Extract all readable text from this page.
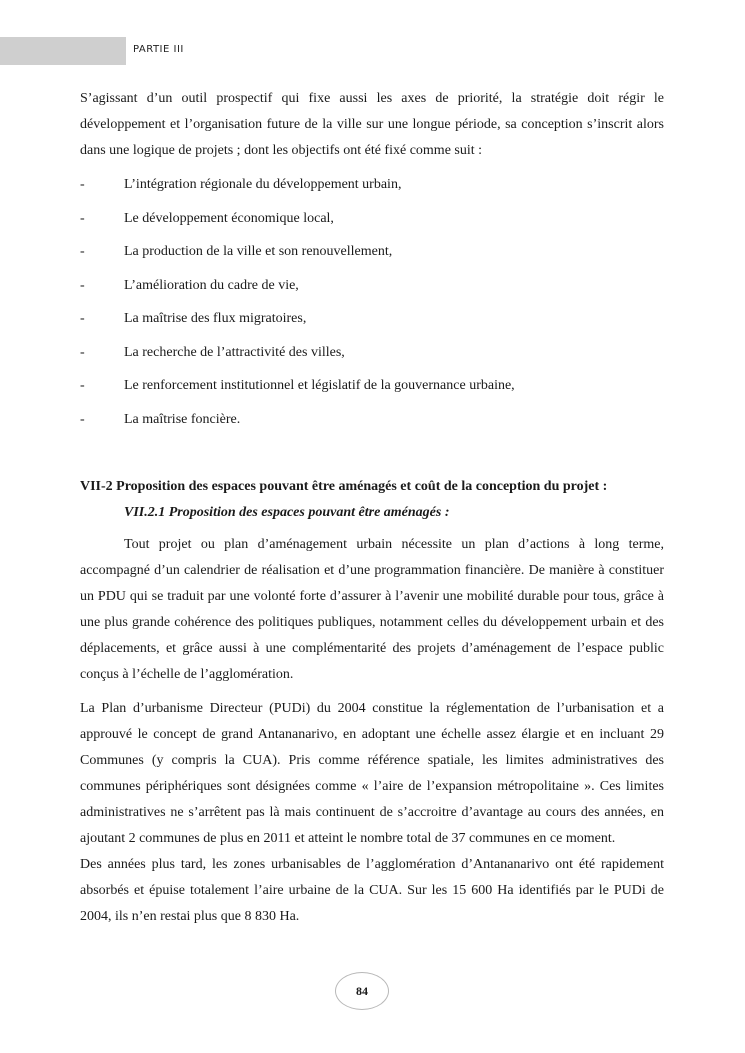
PARTIE III

S’agissant d’un outil prospectif qui fixe aussi les axes de priorité, la stratégie doit régir le développement et l’organisation future de la ville sur une longue période, sa conception s’inscrit alors dans une logique de projets ; dont les objectifs ont été fixé comme suit :

-	L’intégration régionale du développement urbain,
-	Le développement économique local,
-	La production de la ville et son renouvellement,
-	L’amélioration du cadre de vie,
-	La maîtrise des flux migratoires,
-	La recherche de l’attractivité des villes,
-	Le renforcement institutionnel et législatif de la gouvernance urbaine,
-	La maîtrise foncière.

VII-2 Proposition des espaces pouvant être aménagés et coût de la conception du projet :

VII.2.1 Proposition des espaces pouvant être aménagés :

Tout projet ou plan d’aménagement urbain nécessite un plan d’actions à long terme, accompagné d’un calendrier de réalisation et d’une programmation financière. De manière à constituer un PDU qui se traduit par une volonté forte d’assurer à l’avenir une mobilité durable pour tous, grâce à une plus grande cohérence des politiques publiques, notamment celles du développement urbain et des déplacements, et grâce aussi à une complémentarité des projets d’aménagement de l’espace public conçus à l’échelle de l’agglomération.

La Plan d’urbanisme Directeur (PUDi) du 2004 constitue la réglementation de l’urbanisation et a approuvé le concept de grand Antananarivo, en adoptant une échelle assez élargie et en incluant 29 Communes (y compris la CUA). Pris comme référence spatiale, les limites administratives des communes périphériques sont désignées comme « l’aire de l’expansion métropolitaine ». Ces limites administratives ne s’arrêtent pas là mais continuent de s’accroitre d’avantage au cours des années, en ajoutant 2 communes de plus en 2011 et atteint le nombre total de 37 communes en ce moment.

Des années plus tard, les zones urbanisables de l’agglomération d’Antananarivo ont été rapidement absorbés et épuise totalement l’aire urbaine de la CUA. Sur les 15 600 Ha identifiés par le PUDi de 2004, ils n’en restai plus que 8 830 Ha.

84
